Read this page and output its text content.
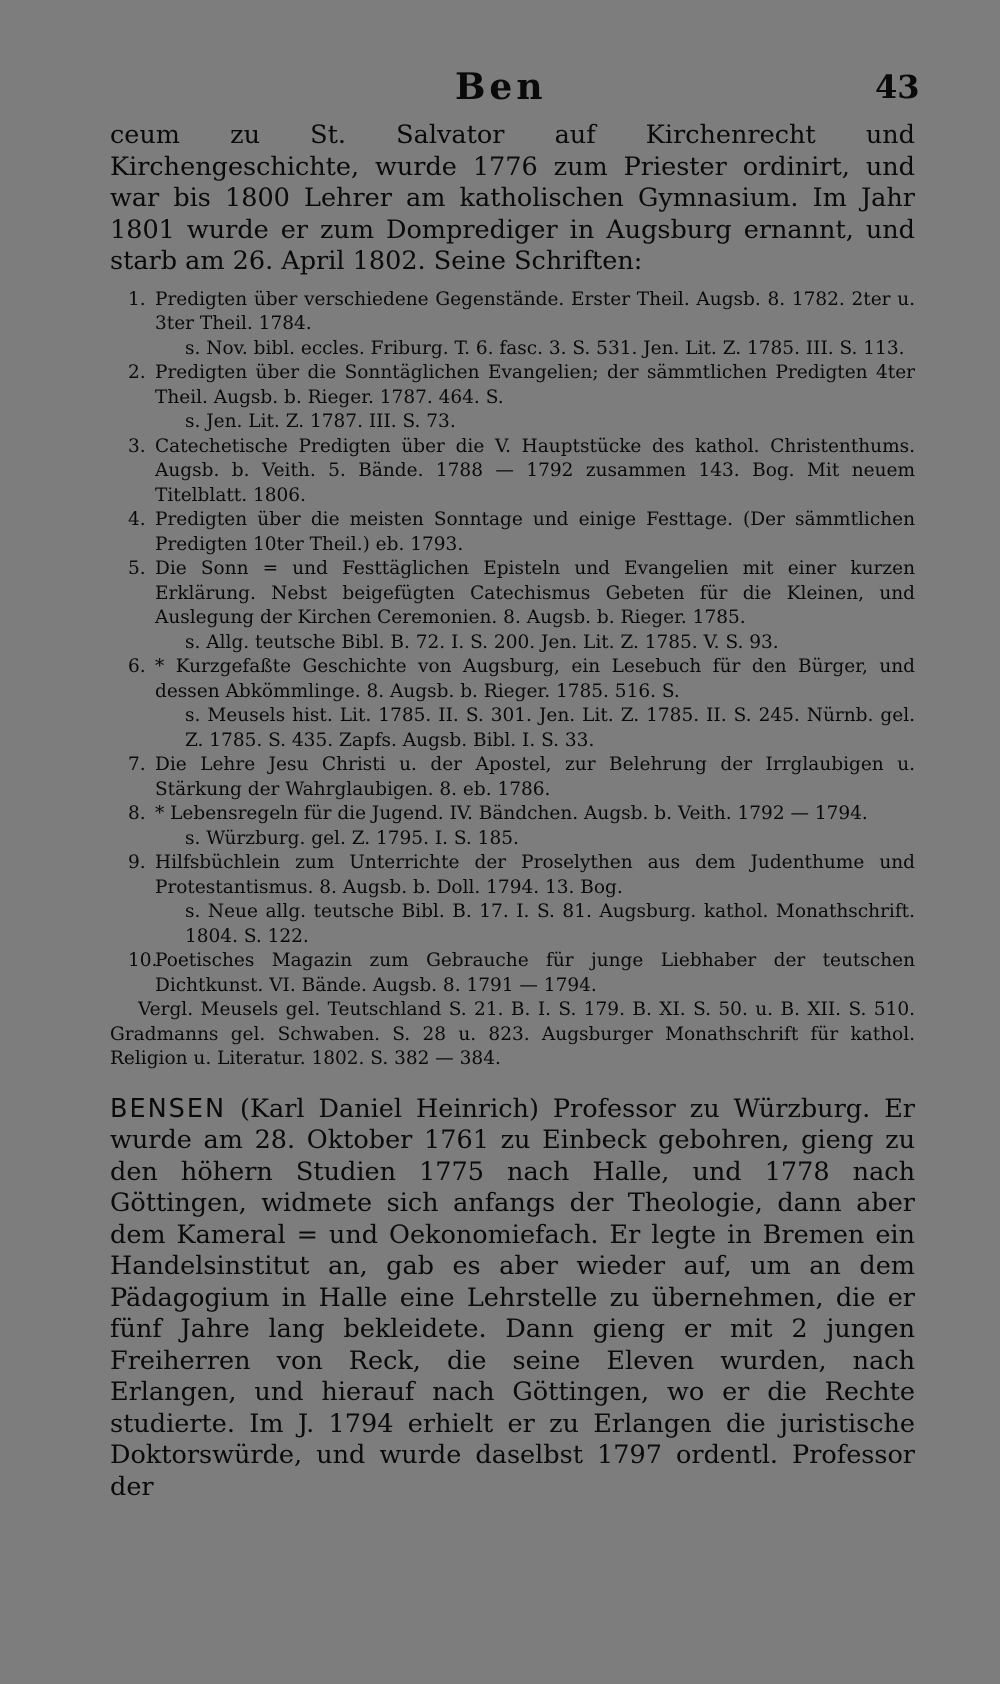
Ben	43

ceum zu St. Salvator auf Kirchenrecht und Kirchengeschichte, wurde 1776 zum Priester ordinirt, und war bis 1800 Lehrer am katholischen Gymnasium. Im Jahr 1801 wurde er zum Domprediger in Augsburg ernannt, und starb am 26. April 1802. Seine Schriften:

1. Predigten über verschiedene Gegenstände. Erster Theil. Augsb. 8. 1782. 2ter u. 3ter Theil. 1784.

s. Nov. bibl. eccles. Friburg. T. 6. fasc. 3. S. 531. Jen. Lit. Z. 1785. III. S. 113.

2. Predigten über die Sonntäglichen Evangelien; der sämmtlichen Predigten 4ter Theil. Augsb. b. Rieger. 1787. 464. S.

s. Jen. Lit. Z. 1787. III. S. 73.

3. Catechetische Predigten über die V. Hauptstücke des kathol. Christenthums. Augsb. b. Veith. 5. Bände. 1788 — 1792 zusammen 143. Bog. Mit neuem Titelblatt. 1806.
4. Predigten über die meisten Sonntage und einige Festtage. (Der sämmtlichen Predigten 10ter Theil.) eb. 1793.
5. Die Sonn = und Festtäglichen Episteln und Evangelien mit einer kurzen Erklärung. Nebst beigefügten Catechismus Gebeten für die Kleinen, und Auslegung der Kirchen Ceremonien. 8. Augsb. b. Rieger. 1785.

s. Allg. teutsche Bibl. B. 72. I. S. 200. Jen. Lit. Z. 1785. V. S. 93.

6. * Kurzgefaßte Geschichte von Augsburg, ein Lesebuch für den Bürger, und dessen Abkömmlinge. 8. Augsb. b. Rieger. 1785. 516. S.

s. Meusels hist. Lit. 1785. II. S. 301. Jen. Lit. Z. 1785. II. S. 245. Nürnb. gel. Z. 1785. S. 435. Zapfs. Augsb. Bibl. I. S. 33.

7. Die Lehre Jesu Christi u. der Apostel, zur Belehrung der Irrglaubigen u. Stärkung der Wahrglaubigen. 8. eb. 1786.
8. * Lebensregeln für die Jugend. IV. Bändchen. Augsb. b. Veith. 1792 — 1794.

s. Würzburg. gel. Z. 1795. I. S. 185.

9. Hilfsbüchlein zum Unterrichte der Proselythen aus dem Judenthume und Protestantismus. 8. Augsb. b. Doll. 1794. 13. Bog.

s. Neue allg. teutsche Bibl. B. 17. I. S. 81. Augsburg. kathol. Monathschrift. 1804. S. 122.

10.
Poetisches Magazin zum Gebrauche für junge Liebhaber der teutschen Dichtkunst. VI. Bände. Augsb. 8. 1791 — 1794.

Vergl. Meusels gel. Teutschland S. 21. B. I. S. 179. B. XI. S. 50. u. B. XII. S. 510. Gradmanns gel. Schwaben. S. 28 u. 823. Augsburger Monathschrift für kathol. Religion u. Literatur. 1802. S. 382 — 384.

BENSEN (Karl Daniel Heinrich) Professor zu Würzburg. Er wurde am 28. Oktober 1761 zu Einbeck gebohren, gieng zu den höhern Studien 1775 nach Halle, und 1778 nach Göttingen, widmete sich anfangs der Theologie, dann aber dem Kameral = und Oekonomiefach. Er legte in Bremen ein Handelsinstitut an, gab es aber wieder auf, um an dem Pädagogium in Halle eine Lehrstelle zu übernehmen, die er fünf Jahre lang bekleidete. Dann gieng er mit 2 jungen Freiherren von Reck, die seine Eleven wurden, nach Erlangen, und hierauf nach Göttingen, wo er die Rechte studierte. Im J. 1794 erhielt er zu Erlangen die juristische Doktorswürde, und wurde daselbst 1797 ordentl. Professor der
